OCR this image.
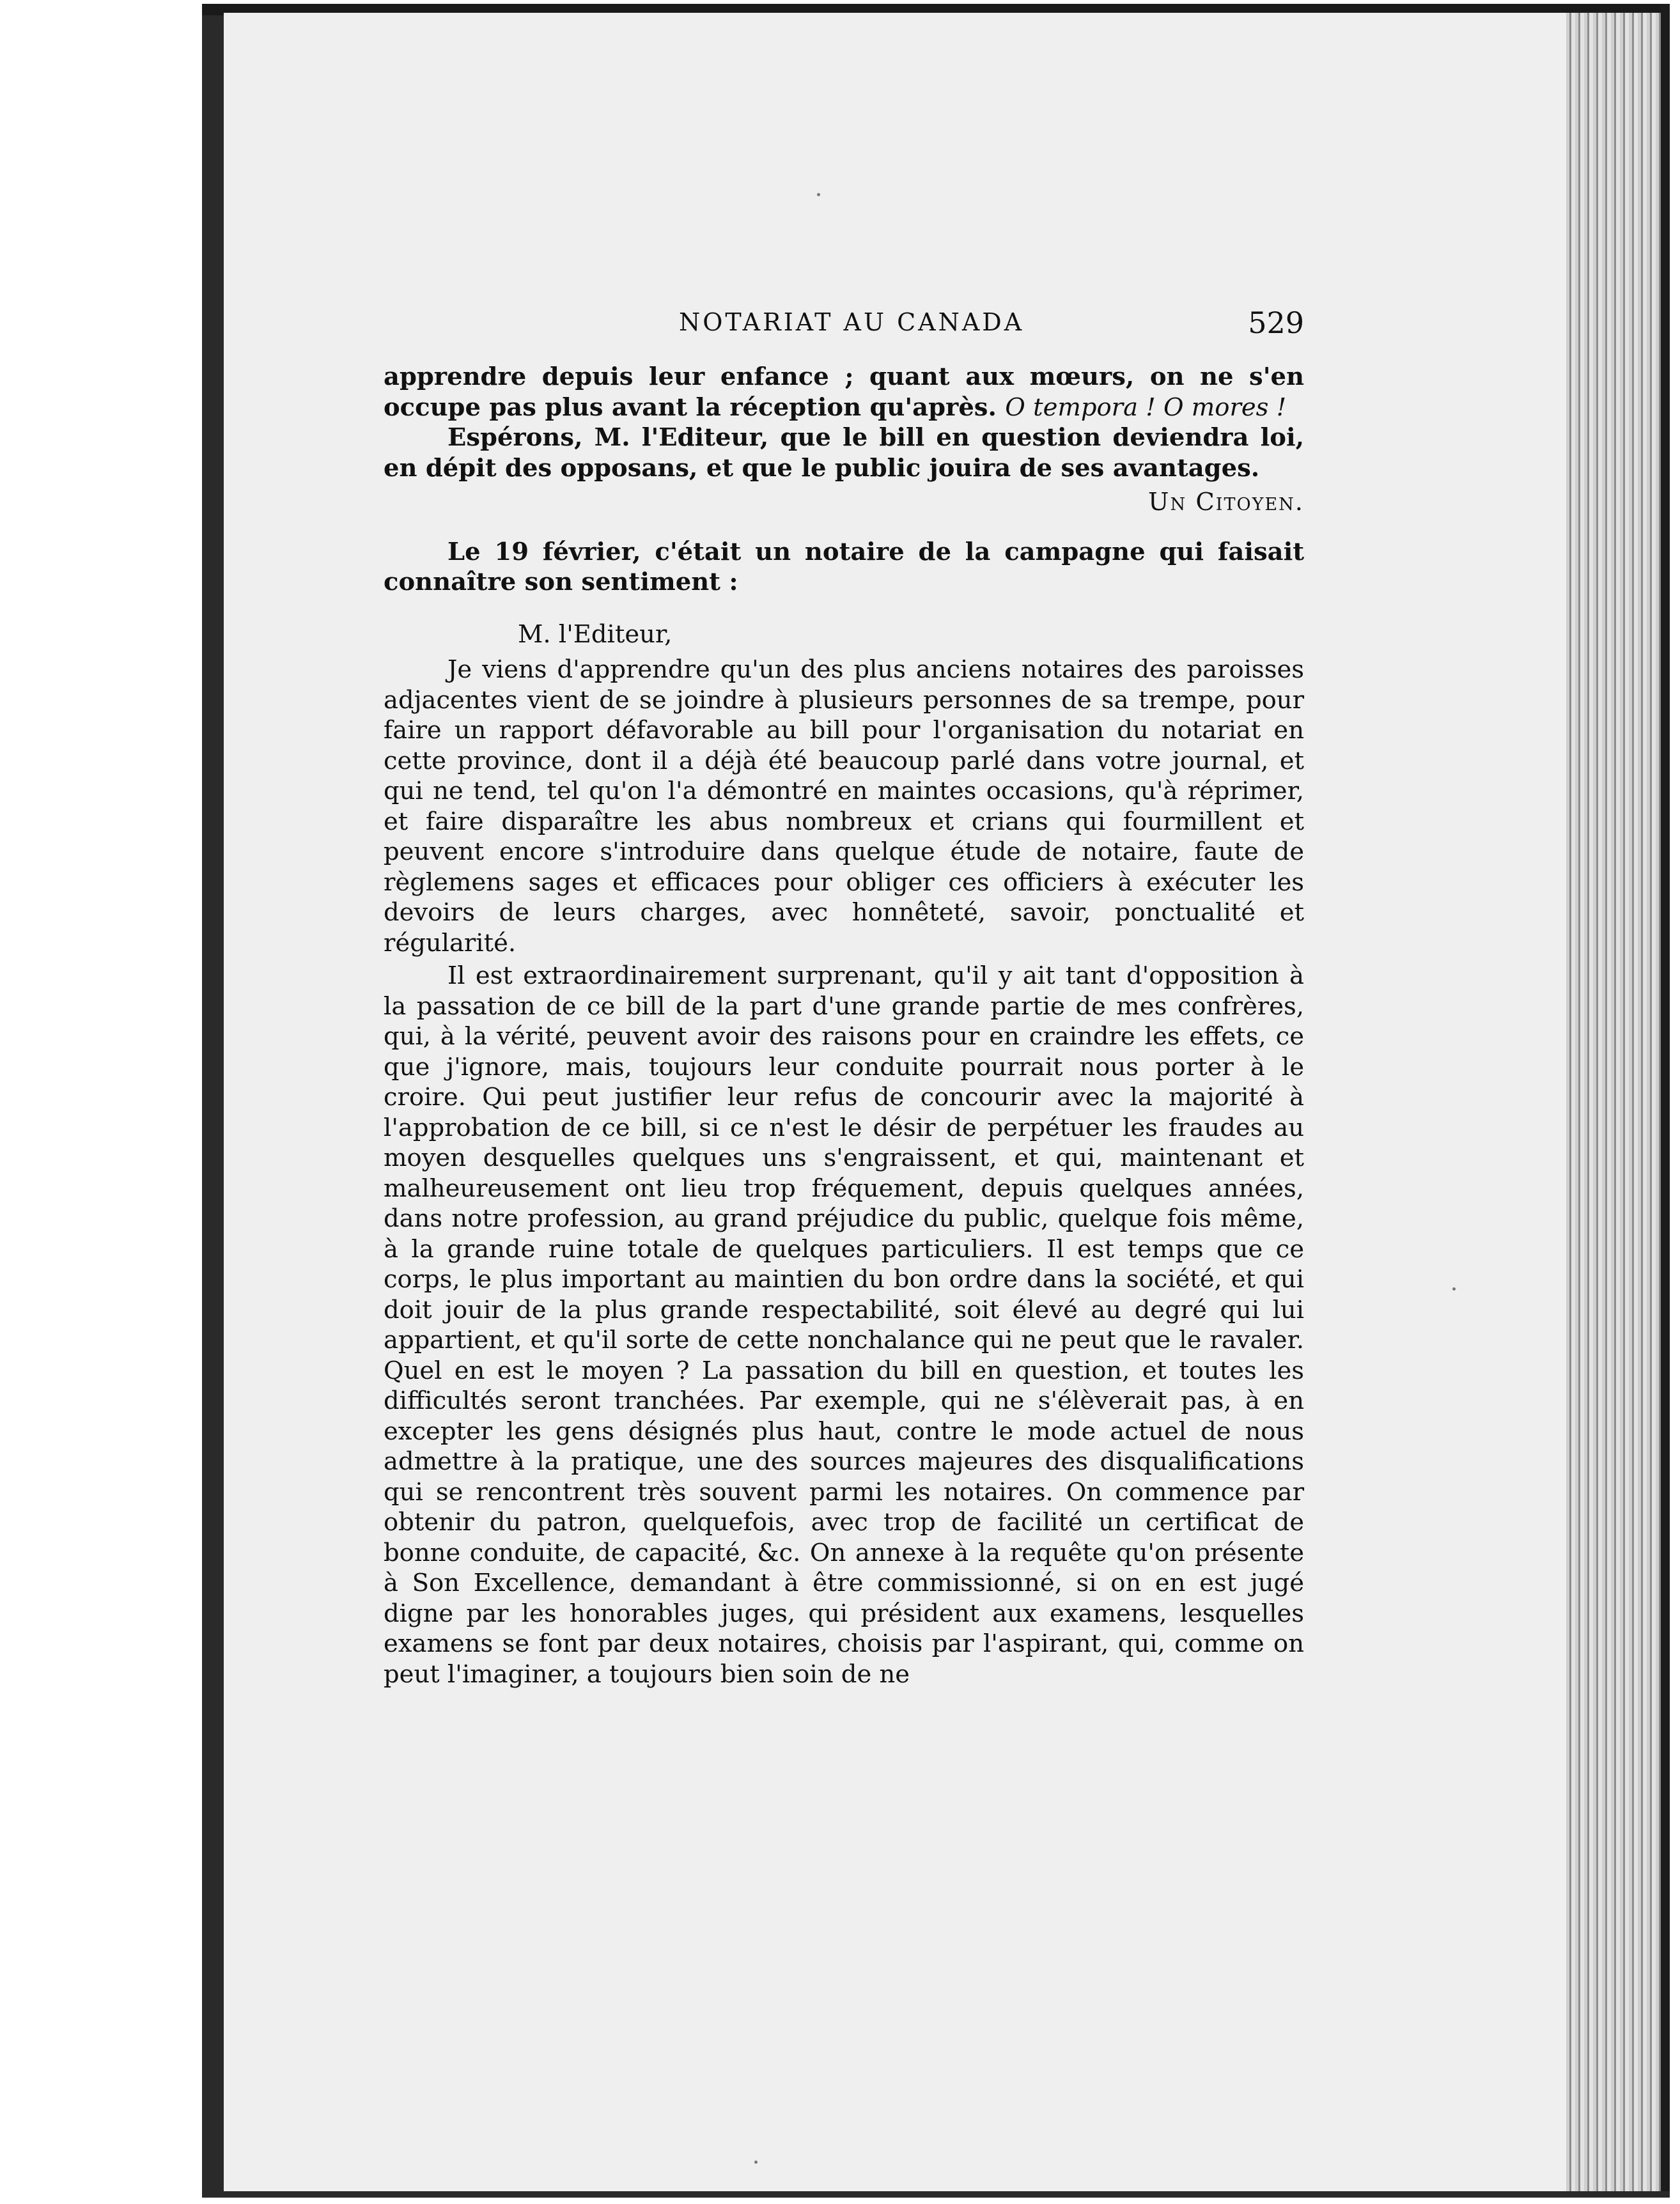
NOTARIAT AU CANADA	529

apprendre depuis leur enfance ; quant aux mœurs, on ne s'en occupe pas plus avant la réception qu'après. O tempora ! O mores !

Espérons, M. l'Editeur, que le bill en question deviendra loi, en dépit des opposans, et que le public jouira de ses avantages.

Un Citoyen.

Le 19 février, c'était un notaire de la campagne qui faisait connaître son sentiment :

M. l'Editeur,

Je viens d'apprendre qu'un des plus anciens notaires des paroisses adjacentes vient de se joindre à plusieurs personnes de sa trempe, pour faire un rapport défavorable au bill pour l'organisation du notariat en cette province, dont il a déjà été beaucoup parlé dans votre journal, et qui ne tend, tel qu'on l'a démontré en maintes occasions, qu'à réprimer, et faire disparaître les abus nombreux et crians qui fourmillent et peuvent encore s'introduire dans quelque étude de notaire, faute de règlemens sages et efficaces pour obliger ces officiers à exécuter les devoirs de leurs charges, avec honnêteté, savoir, ponctualité et régularité.

Il est extraordinairement surprenant, qu'il y ait tant d'opposition à la passation de ce bill de la part d'une grande partie de mes confrères, qui, à la vérité, peuvent avoir des raisons pour en craindre les effets, ce que j'ignore, mais, toujours leur conduite pourrait nous porter à le croire. Qui peut justifier leur refus de concourir avec la majorité à l'approbation de ce bill, si ce n'est le désir de perpétuer les fraudes au moyen desquelles quelques uns s'engraissent, et qui, maintenant et malheureusement ont lieu trop fréquement, depuis quelques années, dans notre profession, au grand préjudice du public, quelque fois même, à la grande ruine totale de quelques particuliers. Il est temps que ce corps, le plus important au maintien du bon ordre dans la société, et qui doit jouir de la plus grande respectabilité, soit élevé au degré qui lui appartient, et qu'il sorte de cette nonchalance qui ne peut que le ravaler. Quel en est le moyen ? La passation du bill en question, et toutes les difficultés seront tranchées. Par exemple, qui ne s'élèverait pas, à en excepter les gens désignés plus haut, contre le mode actuel de nous admettre à la pratique, une des sources majeures des disqualifications qui se rencontrent très souvent parmi les notaires. On commence par obtenir du patron, quelquefois, avec trop de facilité un certificat de bonne conduite, de capacité, &c. On annexe à la requête qu'on présente à Son Excellence, demandant à être commissionné, si on en est jugé digne par les honorables juges, qui président aux examens, lesquelles examens se font par deux notaires, choisis par l'aspirant, qui, comme on peut l'imaginer, a toujours bien soin de ne
